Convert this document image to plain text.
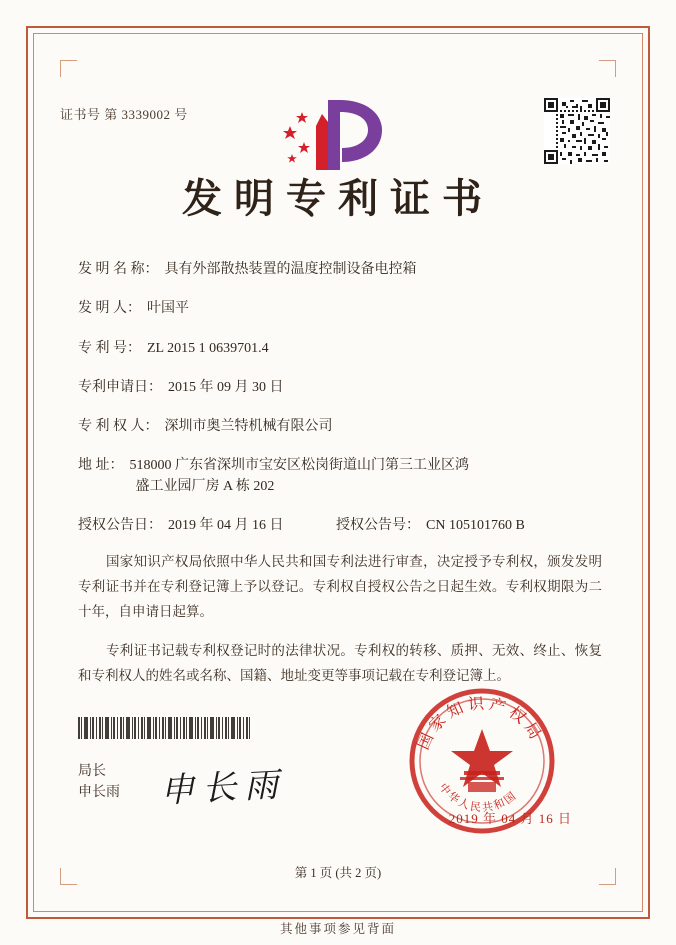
证书号 第 3339002 号
发明专利证书
发 明 名 称： 具有外部散热装置的温度控制设备电控箱
发 明 人： 叶国平
专 利 号： ZL 2015 1 0639701.4
专利申请日： 2015 年 09 月 30 日
专 利 权 人： 深圳市奥兰特机械有限公司
地 址： 518000 广东省深圳市宝安区松岗街道山门第三工业区鸿
盛工业园厂房 A 栋 202
授权公告日： 2019 年 04 月 16 日	授权公告号： CN 105101760 B

国家知识产权局依照中华人民共和国专利法进行审查，决定授予专利权，颁发发明专利证书并在专利登记簿上予以登记。专利权自授权公告之日起生效。专利权期限为二十年，自申请日起算。

专利证书记载专利权登记时的法律状况。专利权的转移、质押、无效、终止、恢复和专利权人的姓名或名称、国籍、地址变更等事项记载在专利登记簿上。

局长
申长雨 申长雨
国家知识产权局
中华人民共和国
2019 年 04 月 16 日
第 1 页 (共 2 页)
其他事项参见背面
